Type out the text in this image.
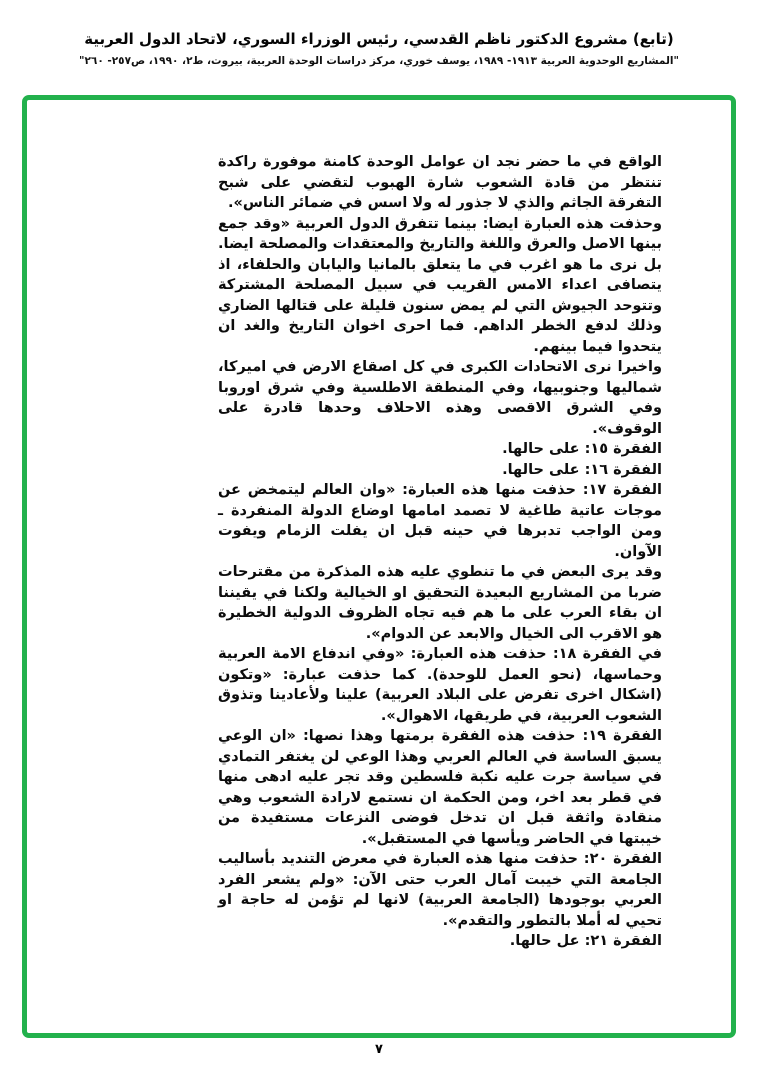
(تابع) مشروع الدكتور ناظم القدسي، رئيس الوزراء السوري، لاتحاد الدول العربية
"المشاريع الوحدوية العربية ١٩١٣- ١٩٨٩، يوسف خوري، مركز دراسات الوحدة العربية، بيروت، ط٢، ١٩٩٠، ص٢٥٧- ٢٦٠"

الواقع في ما حضر نجد ان عوامل الوحدة كامنة موفورة راكدة تنتظر من قادة الشعوب شارة الهبوب لتقضي على شبح التفرقة الجاثم والذي لا جذور له ولا اسس في ضمائر الناس».

وحذفت هذه العبارة ايضا: بينما تتفرق الدول العربية «وقد جمع بينها الاصل والعرق واللغة والتاريخ والمعتقدات والمصلحة ايضا. بل نرى ما هو اغرب في ما يتعلق بالمانيا واليابان والحلفاء، اذ يتصافى اعداء الامس القريب في سبيل المصلحة المشتركة وتتوحد الجيوش التي لم يمض سنون قليلة على قتالها الضاري وذلك لدفع الخطر الداهم. فما احرى اخوان التاريخ والغد ان يتحدوا فيما بينهم.

واخيرا نرى الاتحادات الكبرى في كل اصقاع الارض في اميركا، شماليها وجنوبيها، وفي المنطقة الاطلسية وفي شرق اوروبا وفي الشرق الاقصى وهذه الاحلاف وحدها قادرة على الوقوف».

الفقرة ١٥: على حالها.

الفقرة ١٦: على حالها.

الفقرة ١٧: حذفت منها هذه العبارة: «وان العالم ليتمخض عن موجات عاتية طاغية لا تصمد امامها اوضاع الدولة المنفردة ـ ومن الواجب تدبرها في حينه قبل ان يفلت الزمام ويفوت الآوان.

وقد يرى البعض في ما تنطوي عليه هذه المذكرة من مقترحات ضربا من المشاريع البعيدة التحقيق او الخيالية ولكنا في يقيننا ان بقاء العرب على ما هم فيه تجاه الظروف الدولية الخطيرة هو الاقرب الى الخيال والابعد عن الدوام».

في الفقرة ١٨: حذفت هذه العبارة: «وفي اندفاع الامة العربية وحماسها، (نحو العمل للوحدة). كما حذفت عبارة: «وتكون (اشكال اخرى تفرض على البلاد العربية) علينا ولأعادينا وتذوق الشعوب العربية، في طريقها، الاهوال».

الفقرة ١٩: حذفت هذه الفقرة برمتها وهذا نصها: «ان الوعي يسبق الساسة في العالم العربي وهذا الوعي لن يغتفر التمادي في سياسة جرت عليه نكبة فلسطين وقد تجر عليه ادهى منها في قطر بعد اخر، ومن الحكمة ان نستمع لارادة الشعوب وهي منقادة واثقة قبل ان تدخل فوضى النزعات مستفيدة من خيبتها في الحاضر ويأسها في المستقبل».

الفقرة ٢٠: حذفت منها هذه العبارة في معرض التنديد بأساليب الجامعة التي خيبت آمال العرب حتى الآن: «ولم يشعر الفرد العربي بوجودها (الجامعة العربية) لانها لم تؤمن له حاجة او تحيي له أملا بالتطور والتقدم».

الفقرة ٢١: عل حالها.

٧
